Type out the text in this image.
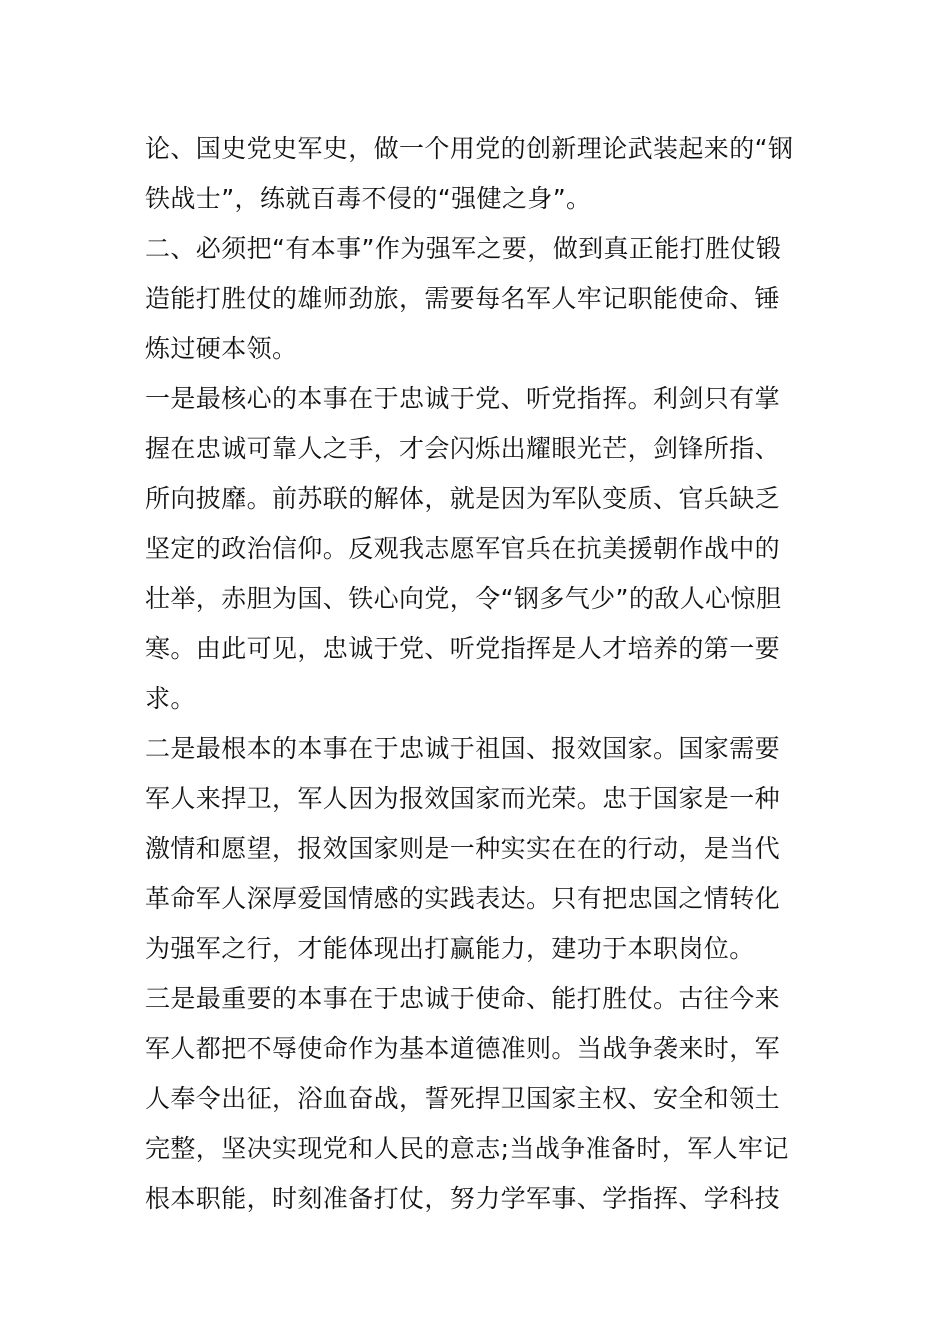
论、国史党史军史，做一个用党的创新理论武装起来的“钢
铁战士”，练就百毒不侵的“强健之身”。
二、必须把“有本事”作为强军之要，做到真正能打胜仗锻
造能打胜仗的雄师劲旅，需要每名军人牢记职能使命、锤
炼过硬本领。
一是最核心的本事在于忠诚于党、听党指挥。利剑只有掌
握在忠诚可靠人之手，才会闪烁出耀眼光芒，剑锋所指、
所向披靡。前苏联的解体，就是因为军队变质、官兵缺乏
坚定的政治信仰。反观我志愿军官兵在抗美援朝作战中的
壮举，赤胆为国、铁心向党，令“钢多气少”的敌人心惊胆
寒。由此可见，忠诚于党、听党指挥是人才培养的第一要
求。
二是最根本的本事在于忠诚于祖国、报效国家。国家需要
军人来捍卫，军人因为报效国家而光荣。忠于国家是一种
激情和愿望，报效国家则是一种实实在在的行动，是当代
革命军人深厚爱国情感的实践表达。只有把忠国之情转化
为强军之行，才能体现出打赢能力，建功于本职岗位。
三是最重要的本事在于忠诚于使命、能打胜仗。古往今来
军人都把不辱使命作为基本道德准则。当战争袭来时，军
人奉令出征，浴血奋战，誓死捍卫国家主权、安全和领土
完整，坚决实现党和人民的意志;当战争准备时，军人牢记
根本职能，时刻准备打仗，努力学军事、学指挥、学科技
